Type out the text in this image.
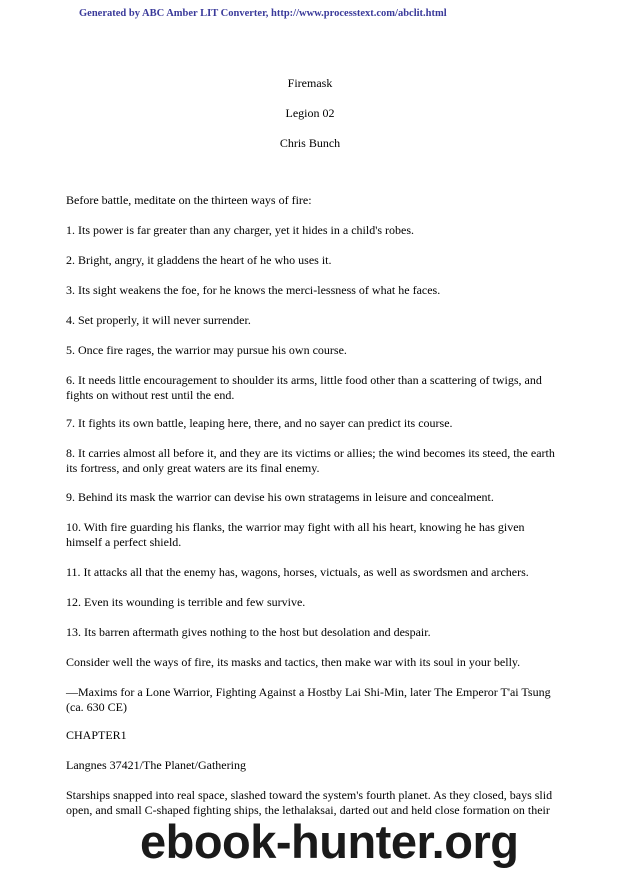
Generated by ABC Amber LIT Converter, http://www.processtext.com/abclit.html
Firemask
Legion 02
Chris Bunch

Before battle, meditate on the thirteen ways of fire:

1. Its power is far greater than any charger, yet it hides in a child's robes.

2. Bright, angry, it gladdens the heart of he who uses it.

3. Its sight weakens the foe, for he knows the merci-lessness of what he faces.

4. Set properly, it will never surrender.

5. Once fire rages, the warrior may pursue his own course.

6. It needs little encouragement to shoulder its arms, little food other than a scattering of twigs, and fights on without rest until the end.

7. It fights its own battle, leaping here, there, and no sayer can predict its course.

8. It carries almost all before it, and they are its victims or allies; the wind becomes its steed, the earth its fortress, and only great waters are its final enemy.

9. Behind its mask the warrior can devise his own stratagems in leisure and concealment.

10. With fire guarding his flanks, the warrior may fight with all his heart, knowing he has given himself a perfect shield.

11. It attacks all that the enemy has, wagons, horses, victuals, as well as swordsmen and archers.

12. Even its wounding is terrible and few survive.

13. Its barren aftermath gives nothing to the host but desolation and despair.

Consider well the ways of fire, its masks and tactics, then make war with its soul in your belly.

—Maxims for a Lone Warrior, Fighting Against a Hostby Lai Shi-Min, later The Emperor T'ai Tsung (ca. 630 CE)

CHAPTER1

Langnes 37421/The Planet/Gathering

Starships snapped into real space, slashed toward the system's fourth planet. As they closed, bays slid open, and small C-shaped fighting ships, the lethalaksai, darted out and held close formation on their

ebook-hunter.org
